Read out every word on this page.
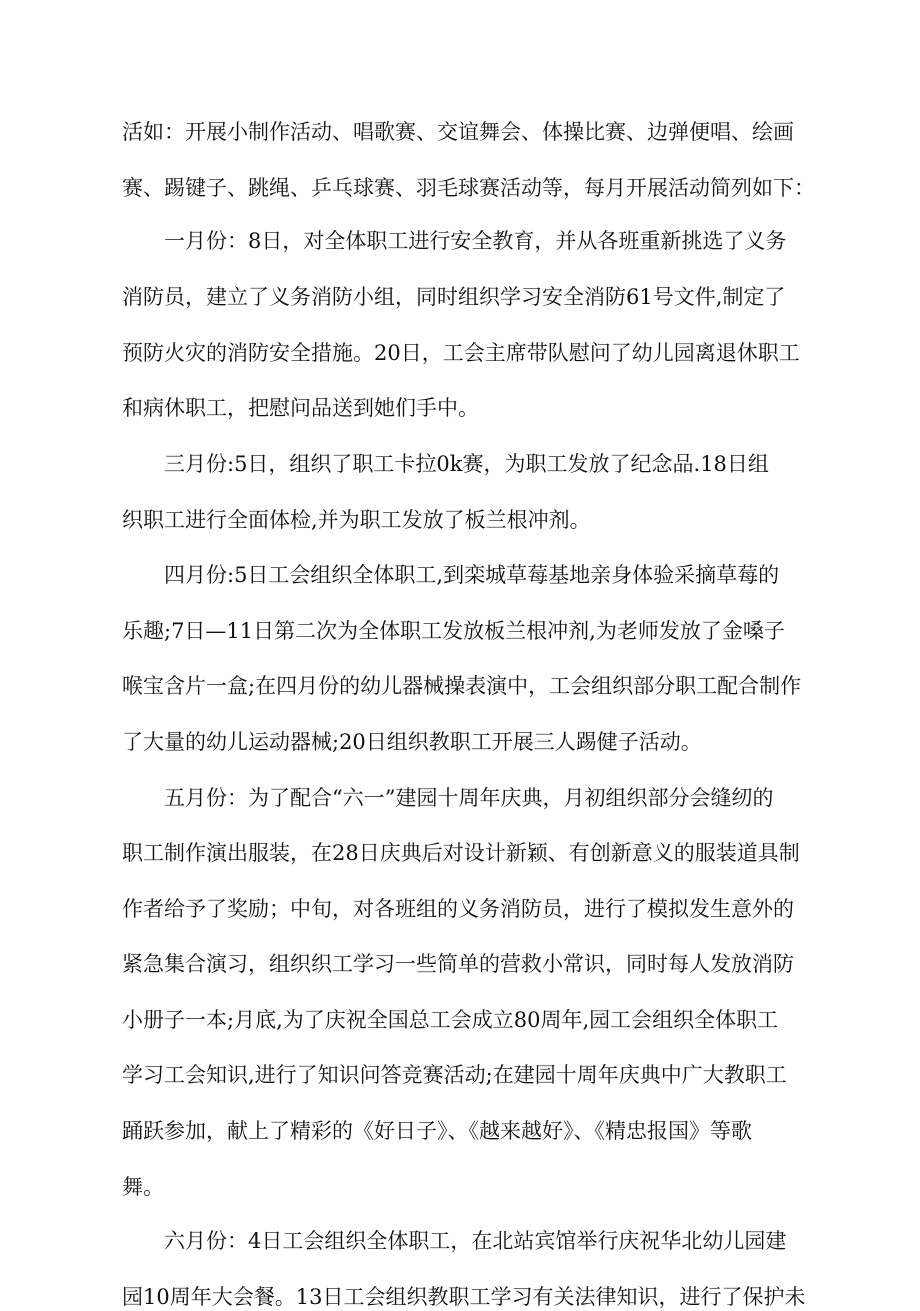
活如：开展小制作活动、唱歌赛、交谊舞会、体操比赛、边弹便唱、绘画
赛、踢键子、跳绳、乒乓球赛、羽毛球赛活动等，每月开展活动简列如下：
一月份：8日，对全体职工进行安全教育，并从各班重新挑选了义务
消防员，建立了义务消防小组，同时组织学习安全消防61号文件,制定了
预防火灾的消防安全措施。20日，工会主席带队慰问了幼儿园离退休职工
和病休职工，把慰问品送到她们手中。
三月份:5日，组织了职工卡拉0k赛，为职工发放了纪念品.18日组
织职工进行全面体检,并为职工发放了板兰根冲剂。
四月份:5日工会组织全体职工,到栾城草莓基地亲身体验采摘草莓的
乐趣;7日—11日第二次为全体职工发放板兰根冲剂,为老师发放了金嗓子
喉宝含片一盒;在四月份的幼儿器械操表演中，工会组织部分职工配合制作
了大量的幼儿运动器械;20日组织教职工开展三人踢健子活动。
五月份：为了配合“六一”建园十周年庆典，月初组织部分会缝纫的
职工制作演出服装，在28日庆典后对设计新颖、有创新意义的服装道具制
作者给予了奖励；中旬，对各班组的义务消防员，进行了模拟发生意外的
紧急集合演习，组织织工学习一些简单的营救小常识，同时每人发放消防
小册子一本;月底,为了庆祝全国总工会成立80周年,园工会组织全体职工
学习工会知识,进行了知识问答竞赛活动;在建园十周年庆典中广大教职工
踊跃参加，献上了精彩的《好日子》、《越来越好》、《精忠报国》等歌
舞。
六月份：4日工会组织全体职工，在北站宾馆举行庆祝华北幼儿园建
园10周年大会餐。13日工会组织教职工学习有关法律知识，进行了保护未
